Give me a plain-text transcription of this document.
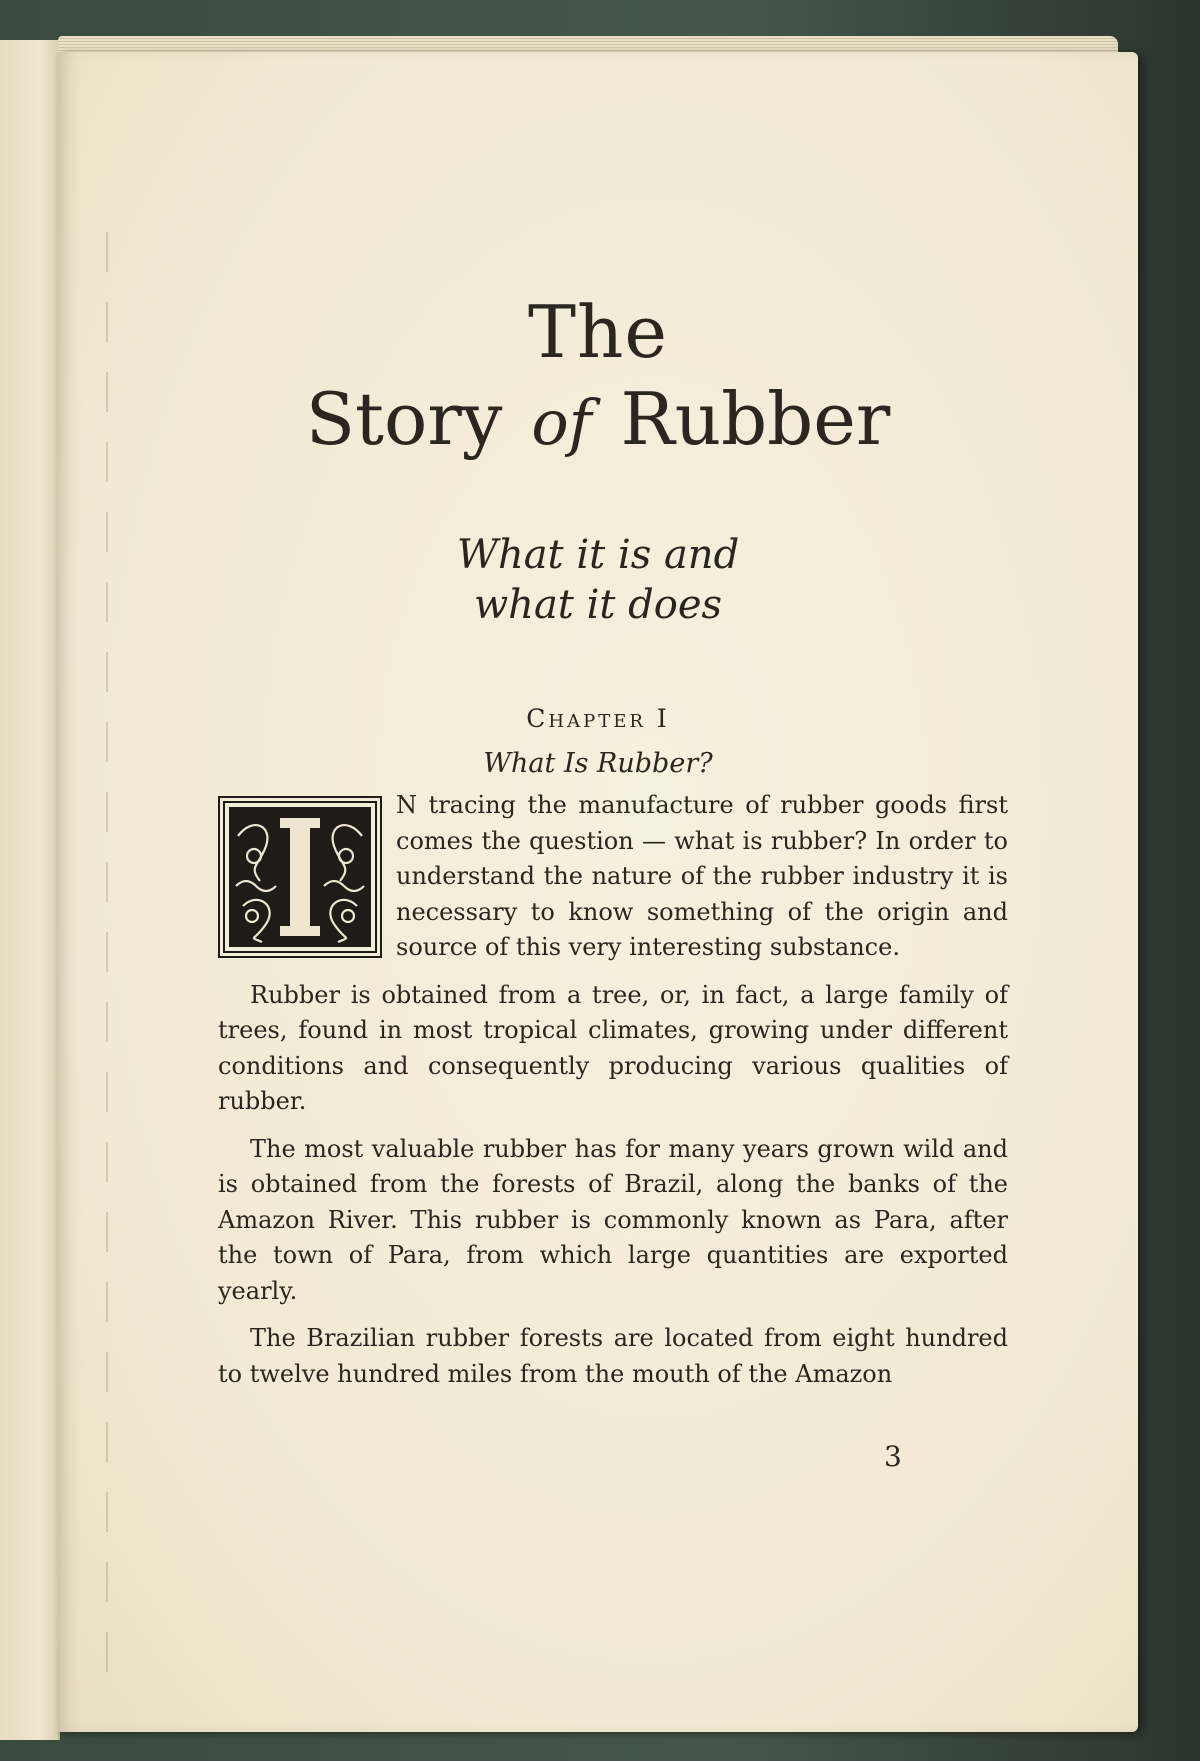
The
Story of Rubber
What it is and
what it does
Chapter I
What Is Rubber?

N tracing the manufacture of rubber goods first comes the question — what is rubber? In order to understand the nature of the rubber industry it is necessary to know something of the origin and source of this very interesting substance.

Rubber is obtained from a tree, or, in fact, a large family of trees, found in most tropical climates, growing under different conditions and consequently producing various qualities of rubber.

The most valuable rubber has for many years grown wild and is obtained from the forests of Brazil, along the banks of the Amazon River. This rubber is commonly known as Para, after the town of Para, from which large quantities are exported yearly.

The Brazilian rubber forests are located from eight hundred to twelve hundred miles from the mouth of the Amazon

3
